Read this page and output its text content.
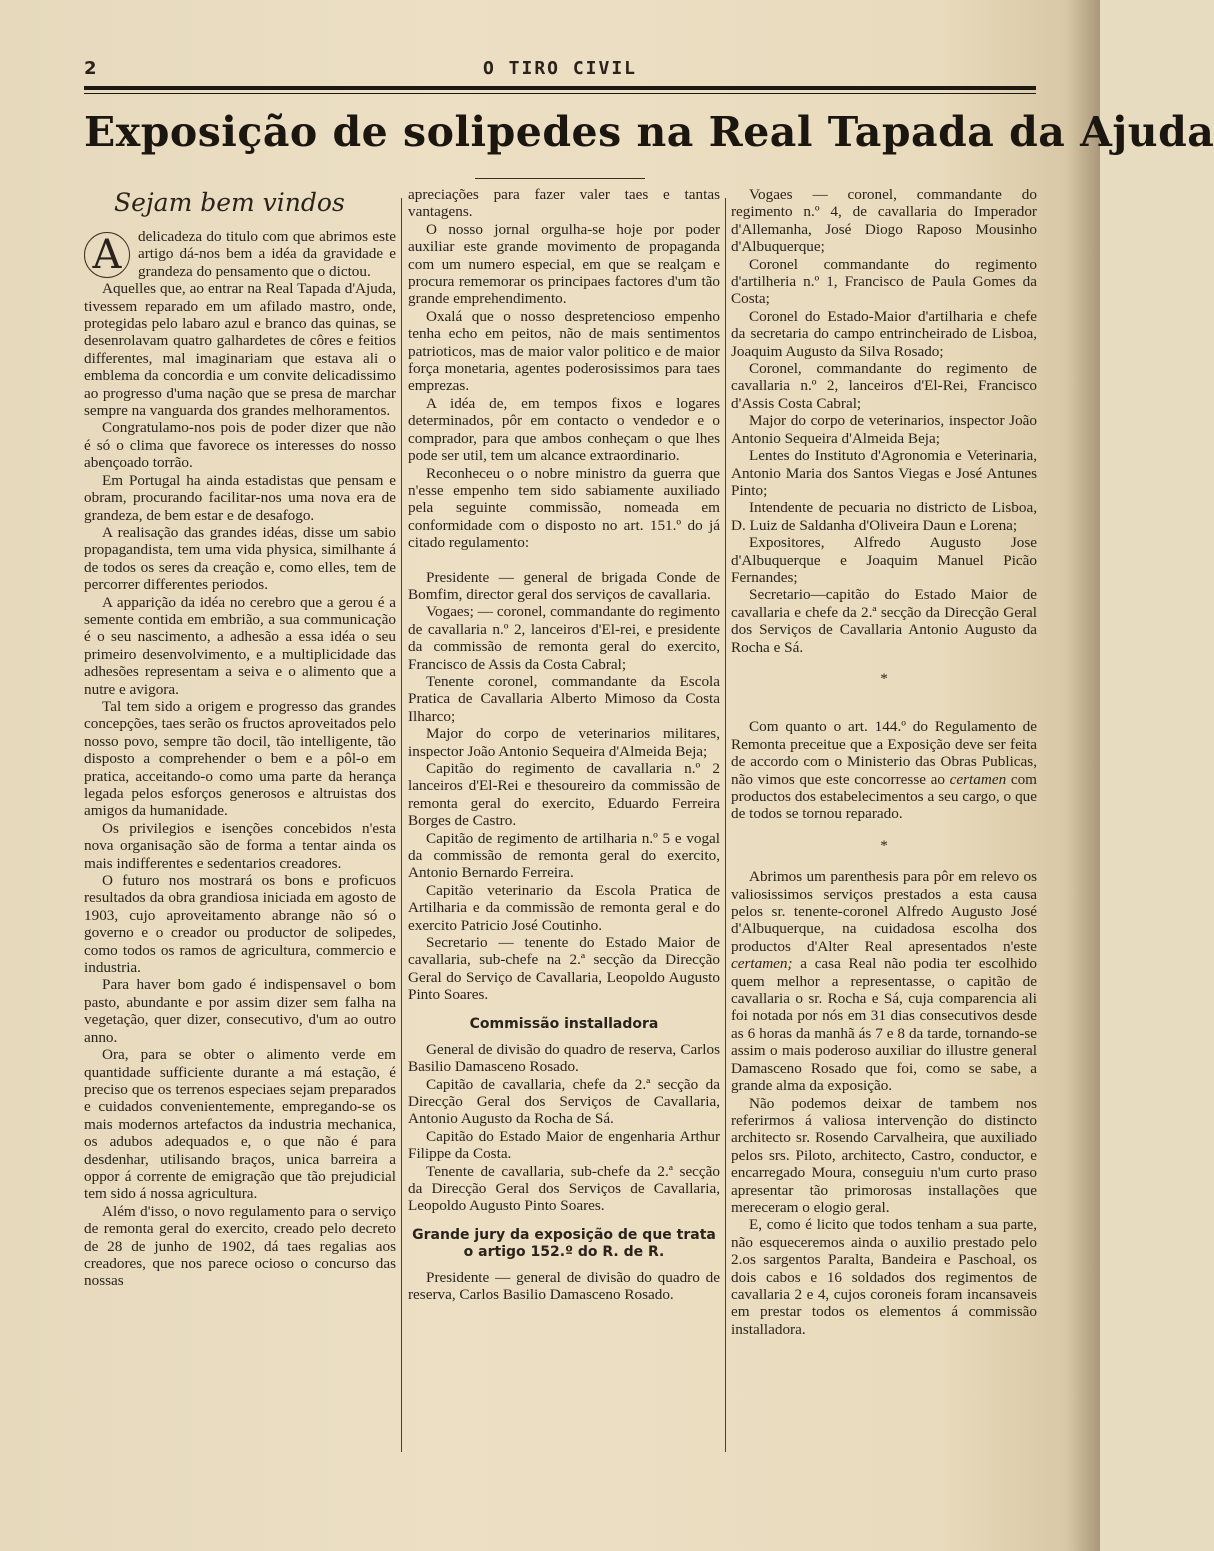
2	O TIRO CIVIL
Exposição de solipedes na Real Tapada da Ajuda
Sejam bem vindos

A	delicadeza do titulo com que abrimos este artigo dá-nos bem a idéa da gravidade e grandeza do pensamento que o dictou.

Aquelles que, ao entrar na Real Tapada d'Ajuda, tivessem reparado em um afilado mastro, onde, protegidas pelo labaro azul e branco das quinas, se desenrolavam quatro galhardetes de côres e feitios differentes, mal imaginariam que estava ali o emblema da concordia e um convite delicadissimo ao progresso d'uma nação que se presa de marchar sempre na vanguarda dos grandes melhoramentos.

Congratulamo-nos pois de poder dizer que não é só o clima que favorece os interesses do nosso abençoado torrão.

Em Portugal ha ainda estadistas que pensam e obram, procurando facilitar-nos uma nova era de grandeza, de bem estar e de desafogo.

A realisação das grandes idéas, disse um sabio propagandista, tem uma vida physica, similhante á de todos os seres da creação e, como elles, tem de percorrer differentes periodos.

A apparição da idéa no cerebro que a gerou é a semente contida em embrião, a sua communicação é o seu nascimento, a adhesão a essa idéa o seu primeiro desenvolvimento, e a multiplicidade das adhesões representam a seiva e o alimento que a nutre e avigora.

Tal tem sido a origem e progresso das grandes concepções, taes serão os fructos aproveitados pelo nosso povo, sempre tão docil, tão intelligente, tão disposto a comprehender o bem e a pôl-o em pratica, acceitando-o como uma parte da herança legada pelos esforços generosos e altruistas dos amigos da humanidade.

Os privilegios e isenções concebidos n'esta nova organisação são de forma a tentar ainda os mais indifferentes e sedentarios creadores.

O futuro nos mostrará os bons e proficuos resultados da obra grandiosa iniciada em agosto de 1903, cujo aproveitamento abrange não só o governo e o creador ou productor de solipedes, como todos os ramos de agricultura, commercio e industria.

Para haver bom gado é indispensavel o bom pasto, abundante e por assim dizer sem falha na vegetação, quer dizer, consecutivo, d'um ao outro anno.

Ora, para se obter o alimento verde em quantidade sufficiente durante a má estação, é preciso que os terrenos especiaes sejam preparados e cuidados convenientemente, empregando-se os mais modernos artefactos da industria mechanica, os adubos adequados e, o que não é para desdenhar, utilisando braços, unica barreira a oppor á corrente de emigração que tão prejudicial tem sido á nossa agricultura.

Além d'isso, o novo regulamento para o serviço de remonta geral do exercito, creado pelo decreto de 28 de junho de 1902, dá taes regalias aos creadores, que nos parece ocioso o concurso das nossas

apreciações para fazer valer taes e tantas vantagens.

O nosso jornal orgulha-se hoje por poder auxiliar este grande movimento de propaganda com um numero especial, em que se realçam e procura rememorar os principaes factores d'um tão grande emprehendimento.

Oxalá que o nosso despretencioso empenho tenha echo em peitos, não de mais sentimentos patrioticos, mas de maior valor politico e de maior força monetaria, agentes poderosissimos para taes emprezas.

A idéa de, em tempos fixos e logares determinados, pôr em contacto o vendedor e o comprador, para que ambos conheçam o que lhes pode ser util, tem um alcance extraordinario.

Reconheceu o o nobre ministro da guerra que n'esse empenho tem sido sabiamente auxiliado pela seguinte commissão, nomeada em conformidade com o disposto no art. 151.º do já citado regulamento:

Presidente — general de brigada Conde de Bomfim, director geral dos serviços de cavallaria.

Vogaes; — coronel, commandante do regimento de cavallaria n.º 2, lanceiros d'El-rei, e presidente da commissão de remonta geral do exercito, Francisco de Assis da Costa Cabral;

Tenente coronel, commandante da Escola Pratica de Cavallaria Alberto Mimoso da Costa Ilharco;

Major do corpo de veterinarios militares, inspector João Antonio Sequeira d'Almeida Beja;

Capitão do regimento de cavallaria n.º 2 lanceiros d'El-Rei e thesoureiro da commissão de remonta geral do exercito, Eduardo Ferreira Borges de Castro.

Capitão de regimento de artilharia n.º 5 e vogal da commissão de remonta geral do exercito, Antonio Bernardo Ferreira.

Capitão veterinario da Escola Pratica de Artilharia e da commissão de remonta geral e do exercito Patricio José Coutinho.

Secretario — tenente do Estado Maior de cavallaria, sub-chefe na 2.ª secção da Direcção Geral do Serviço de Cavallaria, Leopoldo Augusto Pinto Soares.

Commissão installadora

General de divisão do quadro de reserva, Carlos Basilio Damasceno Rosado.

Capitão de cavallaria, chefe da 2.ª secção da Direcção Geral dos Serviços de Cavallaria, Antonio Augusto da Rocha de Sá.

Capitão do Estado Maior de engenharia Arthur Filippe da Costa.

Tenente de cavallaria, sub-chefe da 2.ª secção da Direcção Geral dos Serviços de Cavallaria, Leopoldo Augusto Pinto Soares.

Grande jury da exposição de que trata o artigo 152.º do R. de R.

Presidente — general de divisão do quadro de reserva, Carlos Basilio Damasceno Rosado.

Vogaes — coronel, commandante do regimento n.º 4, de cavallaria do Imperador d'Allemanha, José Diogo Raposo Mousinho d'Albuquerque;

Coronel commandante do regimento d'artilheria n.º 1, Francisco de Paula Gomes da Costa;

Coronel do Estado-Maior d'artilharia e chefe da secretaria do campo entrincheirado de Lisboa, Joaquim Augusto da Silva Rosado;

Coronel, commandante do regimento de cavallaria n.º 2, lanceiros d'El-Rei, Francisco d'Assis Costa Cabral;

Major do corpo de veterinarios, inspector João Antonio Sequeira d'Almeida Beja;

Lentes do Instituto d'Agronomia e Veterinaria, Antonio Maria dos Santos Viegas e José Antunes Pinto;

Intendente de pecuaria no districto de Lisboa, D. Luiz de Saldanha d'Oliveira Daun e Lorena;

Expositores, Alfredo Augusto Jose d'Albuquerque e Joaquim Manuel Picão Fernandes;

Secretario—capitão do Estado Maior de cavallaria e chefe da 2.ª secção da Direcção Geral dos Serviços de Cavallaria Antonio Augusto da Rocha e Sá.

*

Com quanto o art. 144.º do Regulamento de Remonta preceitue que a Exposição deve ser feita de accordo com o Ministerio das Obras Publicas, não vimos que este concorresse ao certamen com productos dos estabelecimentos a seu cargo, o que de todos se tornou reparado.

*

Abrimos um parenthesis para pôr em relevo os valiosissimos serviços prestados a esta causa pelos sr. tenente-coronel Alfredo Augusto José d'Albuquerque, na cuidadosa escolha dos productos d'Alter Real apresentados n'este certamen; a casa Real não podia ter escolhido quem melhor a representasse, o capitão de cavallaria o sr. Rocha e Sá, cuja comparencia ali foi notada por nós em 31 dias consecutivos desde as 6 horas da manhã ás 7 e 8 da tarde, tornando-se assim o mais poderoso auxiliar do illustre general Damasceno Rosado que foi, como se sabe, a grande alma da exposição.

Não podemos deixar de tambem nos referirmos á valiosa intervenção do distincto architecto sr. Rosendo Carvalheira, que auxiliado pelos srs. Piloto, architecto, Castro, conductor, e encarregado Moura, conseguiu n'um curto praso apresentar tão primorosas installações que mereceram o elogio geral.

E, como é licito que todos tenham a sua parte, não esqueceremos ainda o auxilio prestado pelo 2.os sargentos Paralta, Bandeira e Paschoal, os dois cabos e 16 soldados dos regimentos de cavallaria 2 e 4, cujos coroneis foram incansaveis em prestar todos os elementos á commissão installadora.
